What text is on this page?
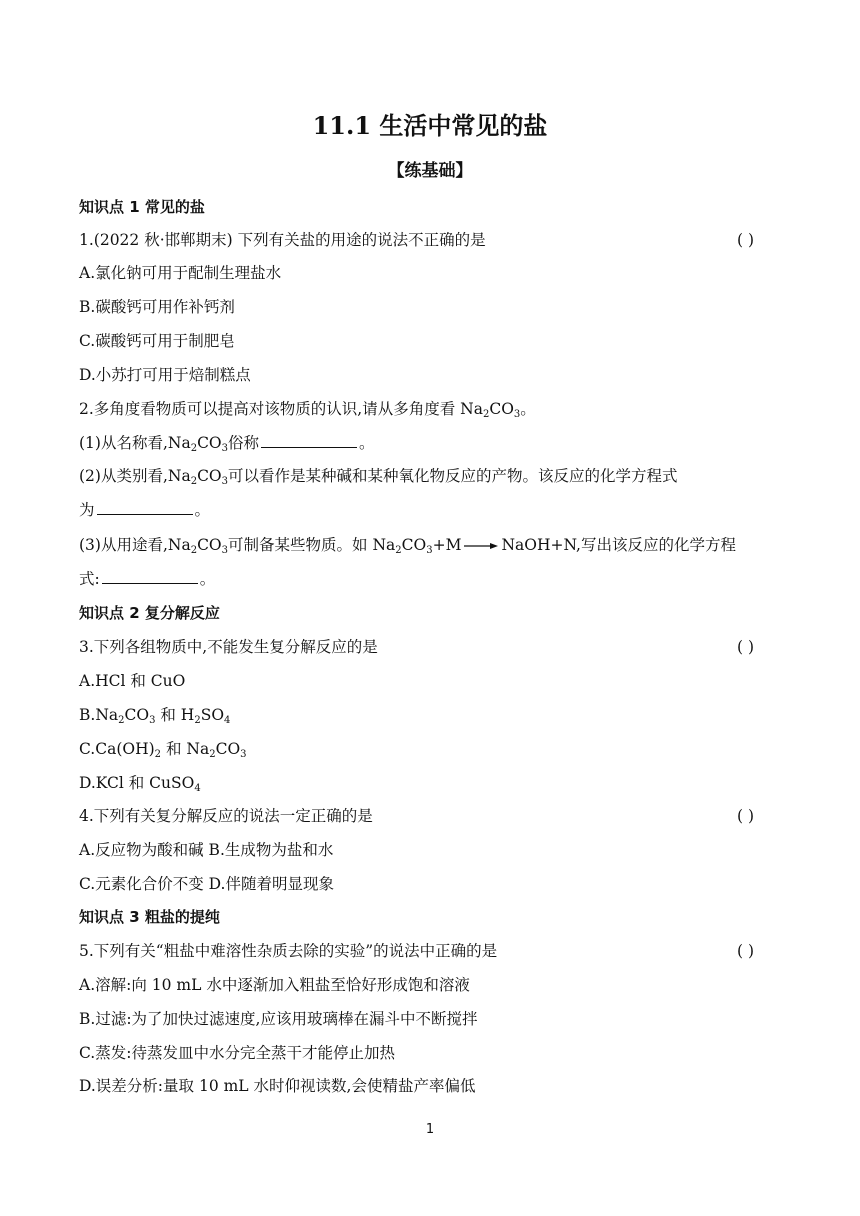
11.1 生活中常见的盐
【练基础】
知识点 1 常见的盐
1.(2022 秋·邯郸期末) 下列有关盐的用途的说法不正确的是	( )
A.氯化钠可用于配制生理盐水
B.碳酸钙可用作补钙剂
C.碳酸钙可用于制肥皂
D.小苏打可用于焙制糕点
2.多角度看物质可以提高对该物质的认识,请从多角度看 $Na_2CO_3$。
(1)从名称看$,Na_2CO_3$俗称	。
(2)从类别看$,Na_2CO_3$可以看作是某种碱和某种氧化物反应的产物。该反应的化学方程式
为	。
(3)从用途看$,Na_2CO_3$可制备某些物质。如 $Na_2CO_3+M$ → NaOH+N,写出该反应的化学方程
式:	。
知识点 2 复分解反应
3.下列各组物质中,不能发生复分解反应的是	( )
A.HCl 和 CuO
$B.Na_2CO_3$ 和 $H_2SO_4$
$C.Ca(OH)_2$ 和 $Na_2CO_3$
D.KCl 和 CuSO$_4$
4.下列有关复分解反应的说法一定正确的是	( )
A.反应物为酸和碱 B.生成物为盐和水
C.元素化合价不变 D.伴随着明显现象
知识点 3 粗盐的提纯
5.下列有关“粗盐中难溶性杂质去除的实验”的说法中正确的是	( )
A.溶解:向 10 mL 水中逐渐加入粗盐至恰好形成饱和溶液
B.过滤:为了加快过滤速度,应该用玻璃棒在漏斗中不断搅拌
C.蒸发:待蒸发皿中水分完全蒸干才能停止加热
D.误差分析:量取 10 mL 水时仰视读数,会使精盐产率偏低
1
